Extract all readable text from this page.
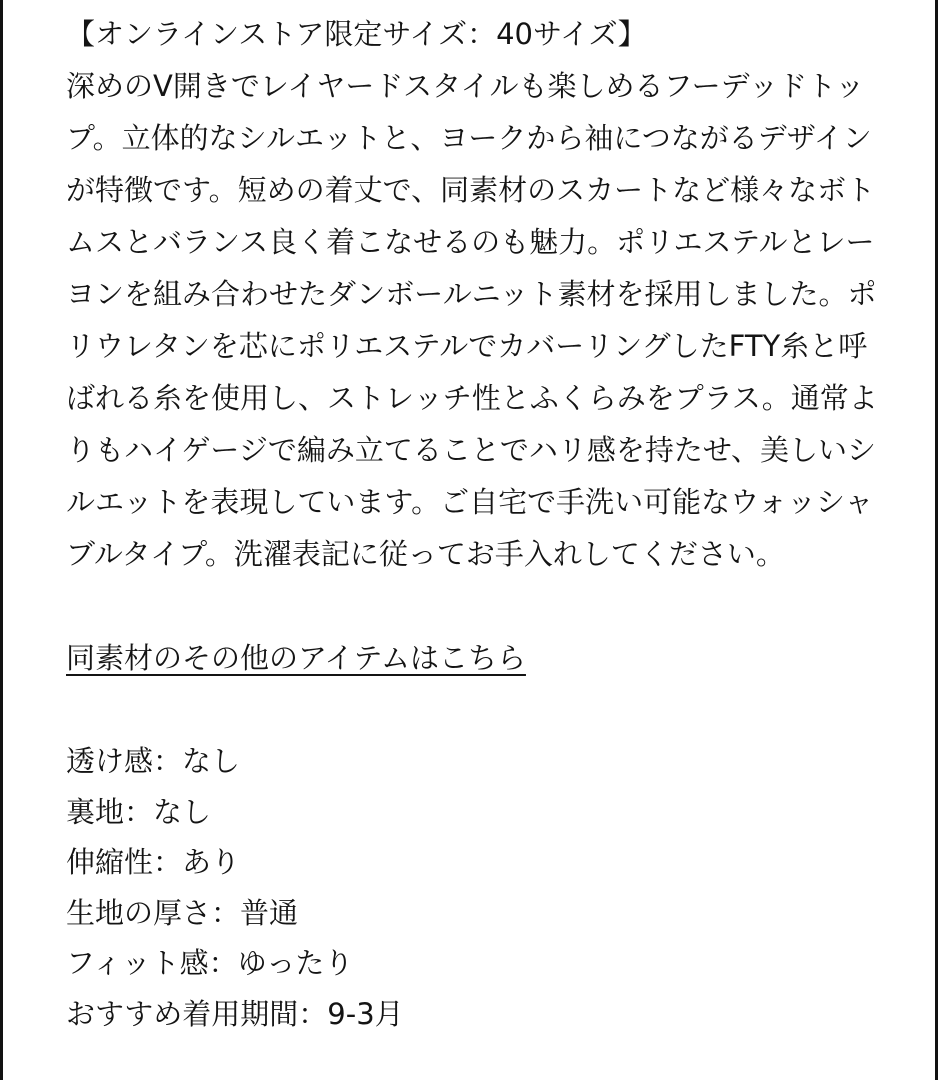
【オンラインストア限定サイズ：40サイズ】
深めのV開きでレイヤードスタイルも楽しめるフーデッドトッ
プ。立体的なシルエットと、ヨークから袖につながるデザイン
が特徴です。短めの着丈で、同素材のスカートなど様々なボト
ムスとバランス良く着こなせるのも魅力。ポリエステルとレー
ヨンを組み合わせたダンボールニット素材を採用しました。ポ
リウレタンを芯にポリエステルでカバーリングしたFTY糸と呼
ばれる糸を使用し、ストレッチ性とふくらみをプラス。通常よ
りもハイゲージで編み立てることでハリ感を持たせ、美しいシ
ルエットを表現しています。ご自宅で手洗い可能なウォッシャ
ブルタイプ。洗濯表記に従ってお手入れしてください。
同素材のその他のアイテムはこちら
透け感：なし
裏地：なし
伸縮性：あり
生地の厚さ：普通
フィット感：ゆったり
おすすめ着用期間：9-3月
